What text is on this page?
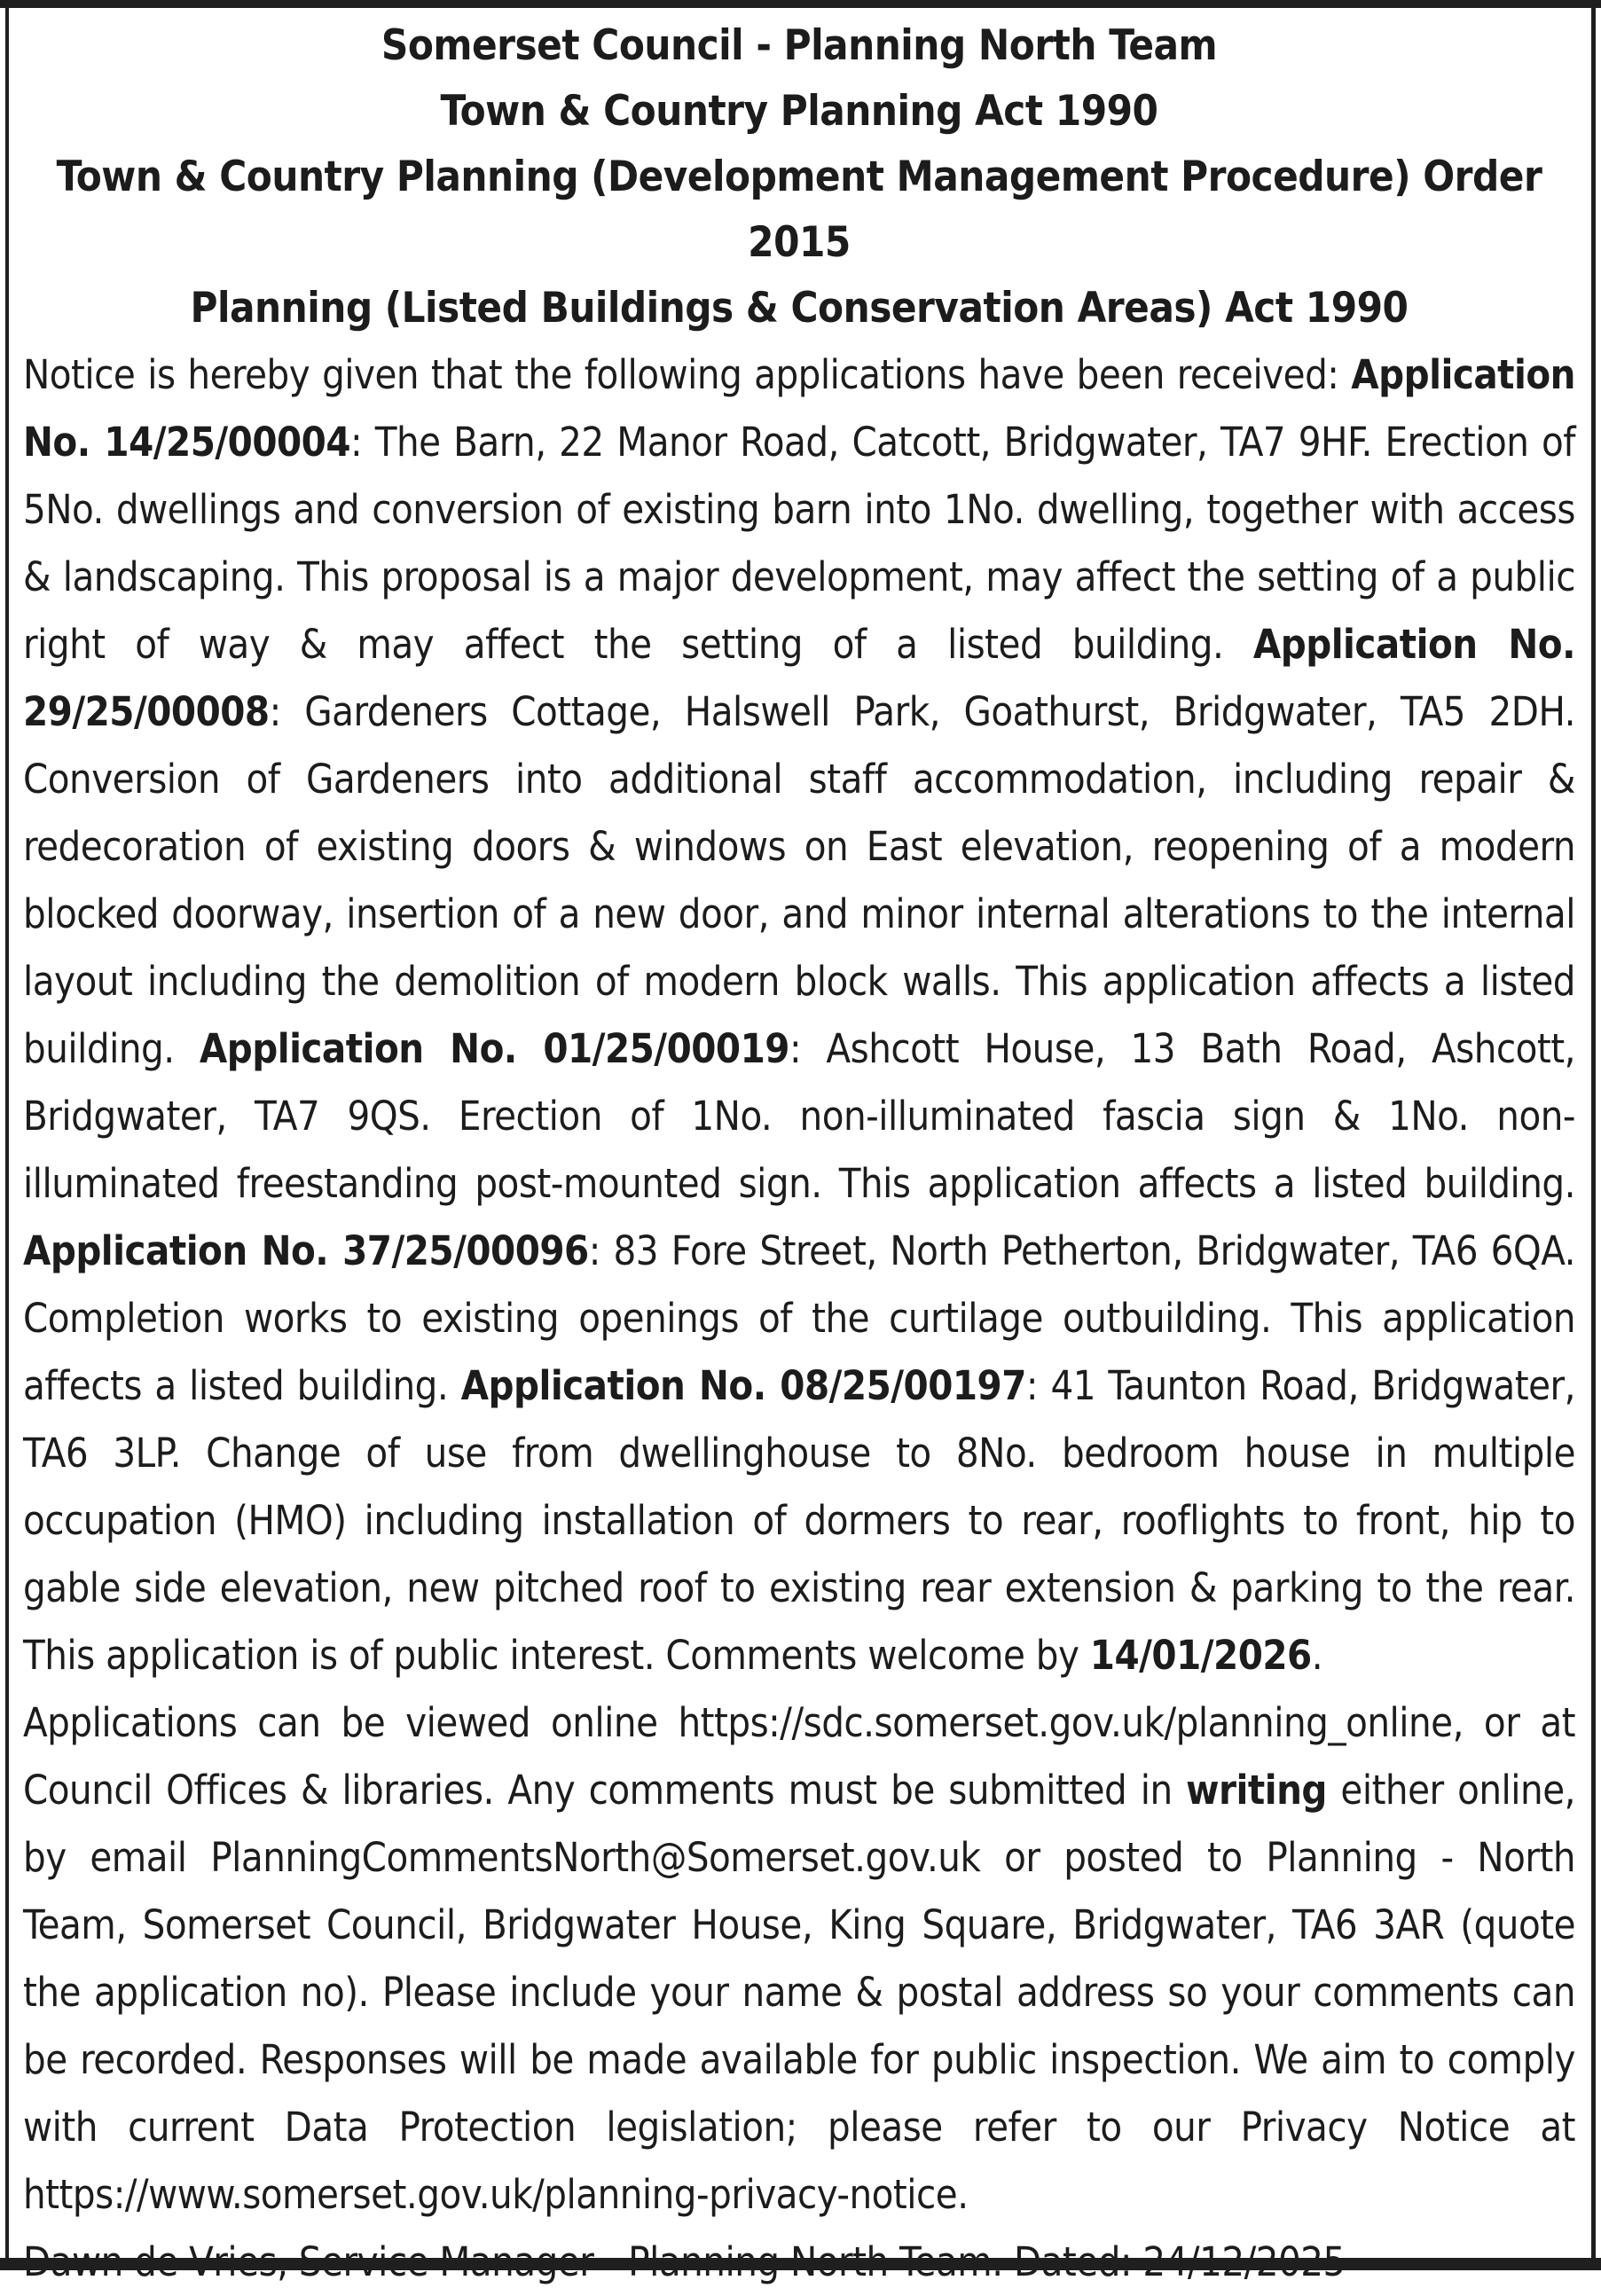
Somerset Council - Planning North Team
Town & Country Planning Act 1990
Town & Country Planning (Development Management Procedure) Order 2015
Planning (Listed Buildings & Conservation Areas) Act 1990

Notice is hereby given that the following applications have been received: Application No. 14/25/00004: The Barn, 22 Manor Road, Catcott, Bridgwater, TA7 9HF. Erection of 5No. dwellings and conversion of existing barn into 1No. dwelling, together with access & landscaping. This proposal is a major development, may affect the setting of a public right of way & may affect the setting of a listed building. Application No. 29/25/00008: Gardeners Cottage, Halswell Park, Goathurst, Bridgwater, TA5 2DH. Conversion of Gardeners into additional staff accommodation, including repair & redecoration of existing doors & windows on East elevation, reopening of a modern blocked doorway, insertion of a new door, and minor internal alterations to the internal layout including the demolition of modern block walls. This application affects a listed building. Application No. 01/25/00019: Ashcott House, 13 Bath Road, Ashcott, Bridgwater, TA7 9QS. Erection of 1No. non-illuminated fascia sign & 1No. non-illuminated freestanding post-mounted sign. This application affects a listed building. Application No. 37/25/00096: 83 Fore Street, North Petherton, Bridgwater, TA6 6QA. Completion works to existing openings of the curtilage outbuilding. This application affects a listed building. Application No. 08/25/00197: 41 Taunton Road, Bridgwater, TA6 3LP. Change of use from dwellinghouse to 8No. bedroom house in multiple occupation (HMO) including installation of dormers to rear, rooflights to front, hip to gable side elevation, new pitched roof to existing rear extension & parking to the rear. This application is of public interest. Comments welcome by 14/01/2026.

Applications can be viewed online https://sdc.somerset.gov.uk/planning_online, or at Council Offices & libraries. Any comments must be submitted in writing either online, by email PlanningCommentsNorth@Somerset.gov.uk or posted to Planning - North Team, Somerset Council, Bridgwater House, King Square, Bridgwater, TA6 3AR (quote the application no). Please include your name & postal address so your comments can be recorded. Responses will be made available for public inspection. We aim to comply with current Data Protection legislation; please refer to our Privacy Notice at https://www.somerset.gov.uk/planning-privacy-notice.
